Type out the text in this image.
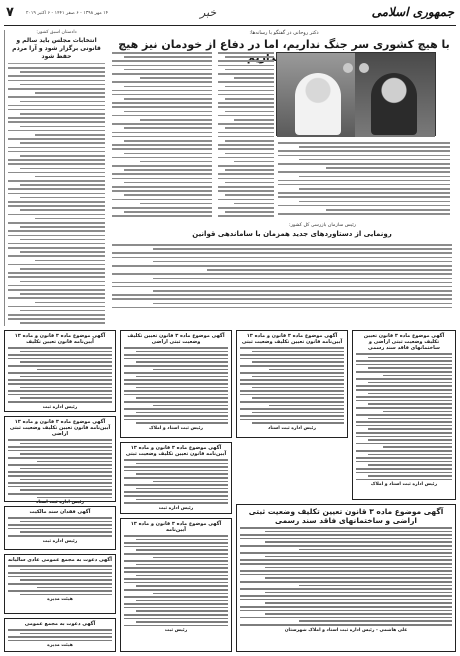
۷	۱۴ مهر ۱۳۹۸ - ۶ صفر ۱۴۴۱ - ۶ اکتبر ۲۰۱۹	خبر	جمهوری اسلامی
دادستان اسبق کشور:
انتخابات مجلس باید سالم و قانونی برگزار شود و آرا مردم حفظ شود
دکتر روحانی در گفتگو با رسانه‌ها:
با هیچ کشوری سر جنگ نداریم، اما در دفاع از خودمان نیز هیچ
رئیس سازمان بازرسی کل کشور:
رونمایی از دستاوردهای جدید همزمان با ساماندهی قوانین
آگهی موضوع ماده ۳ قانون تعیین تکلیف وضعیت ثبتی اراضی و ساختمانهای فاقد سند رسمی
رئیس اداره ثبت اسناد و املاک
آگهی موضوع ماده ۳ قانون و ماده ۱۳ آیین‌نامه قانون تعیین تکلیف وضعیت ثبتی
رئیس اداره ثبت اسناد
آگهی موضوع ماده ۳ قانون تعیین تکلیف وضعیت ثبتی اراضی
رئیس ثبت اسناد و املاک
آگهی موضوع ماده ۳ قانون و ماده ۱۳ آیین‌نامه قانون تعیین تکلیف
رئیس اداره ثبت
آگهی موضوع ماده ۳ قانون و ماده ۱۳ آیین‌نامه قانون تعیین تکلیف وضعیت ثبتی اراضی
رئیس اداره ثبت اسناد
آگهی موضوع ماده ۳ قانون و ماده ۱۳ آیین‌نامه قانون تعیین تکلیف وضعیت ثبتی
رئیس اداره ثبت	آگهی موضوع ماده ۳ قانون تعیین تکلیف وضعیت ثبتی اراضی و ساختمانهای فاقد سند رسمی
علی هاشمی - رئیس اداره ثبت اسناد و املاک شهرستان
آگهی موضوع ماده ۳ قانون و ماده ۱۳ آیین‌نامه
رئیس ثبت
آگهی فقدان سند مالکیت
رئیس اداره ثبت
آگهی دعوت به مجمع عمومی عادی سالیانه
هیئت مدیره
آگهی دعوت به مجمع عمومی
هیئت مدیره
